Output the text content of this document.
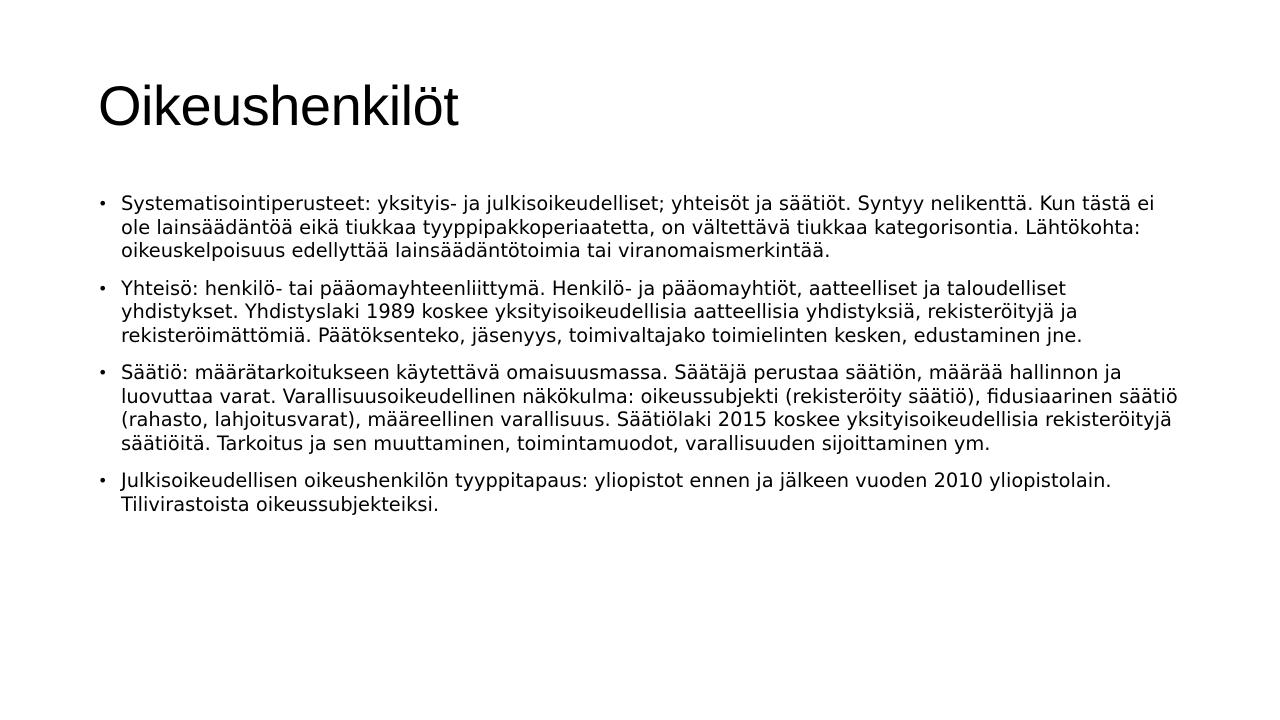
Oikeushenkilöt
• Systematisointiperusteet: yksityis- ja julkisoikeudelliset; yhteisöt ja säätiöt. Syntyy nelikenttä. Kun tästä ei ole lainsäädäntöä eikä tiukkaa tyyppipakkoperiaatetta, on vältettävä tiukkaa kategorisontia. Lähtökohta: oikeuskelpoisuus edellyttää lainsäädäntötoimia tai viranomaismerkintää.
• Yhteisö: henkilö- tai pääomayhteenliittymä. Henkilö- ja pääomayhtiöt, aatteelliset ja taloudelliset yhdistykset. Yhdistyslaki 1989 koskee yksityisoikeudellisia aatteellisia yhdistyksiä, rekisteröityjä ja rekisteröimättömiä. Päätöksenteko, jäsenyys, toimivaltajako toimielinten kesken, edustaminen jne.
• Säätiö: määrätarkoitukseen käytettävä omaisuusmassa. Säätäjä perustaa säätiön, määrää hallinnon ja luovuttaa varat. Varallisuusoikeudellinen näkökulma: oikeussubjekti (rekisteröity säätiö), fidusiaarinen säätiö (rahasto, lahjoitusvarat), määreellinen varallisuus. Säätiölaki 2015 koskee yksityisoikeudellisia rekisteröityjä säätiöitä. Tarkoitus ja sen muuttaminen, toimintamuodot, varallisuuden sijoittaminen ym.
• Julkisoikeudellisen oikeushenkilön tyyppitapaus: yliopistot ennen ja jälkeen vuoden 2010 yliopistolain. Tilivirastoista oikeussubjekteiksi.
